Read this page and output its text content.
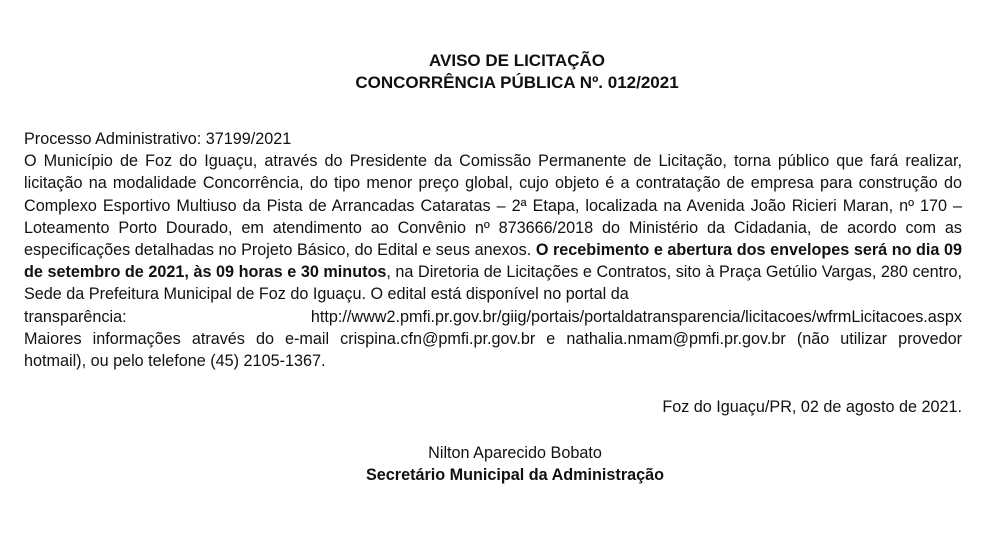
AVISO DE LICITAÇÃO
CONCORRÊNCIA PÚBLICA Nº. 012/2021

Processo Administrativo: 37199/2021

O Município de Foz do Iguaçu, através do Presidente da Comissão Permanente de Licitação, torna público que fará realizar, licitação na modalidade Concorrência, do tipo menor preço global, cujo objeto é a contratação de empresa para construção do Complexo Esportivo Multiuso da Pista de Arrancadas Cataratas – 2ª Etapa, localizada na Avenida João Ricieri Maran, nº 170 – Loteamento Porto Dourado, em atendimento ao Convênio nº 873666/2018 do Ministério da Cidadania, de acordo com as especificações detalhadas no Projeto Básico, do Edital e seus anexos. O recebimento e abertura dos envelopes será no dia 09 de setembro de 2021, às 09 horas e 30 minutos, na Diretoria de Licitações e Contratos, sito à Praça Getúlio Vargas, 280 centro, Sede da Prefeitura Municipal de Foz do Iguaçu. O edital está disponível no portal da

transparência:	http://www2.pmfi.pr.gov.br/giig/portais/portaldatransparencia/licitacoes/wfrmLicitacoes.aspx

Maiores informações através do e-mail crispina.cfn@pmfi.pr.gov.br e nathalia.nmam@pmfi.pr.gov.br (não utilizar provedor hotmail), ou pelo telefone (45) 2105-1367.

Foz do Iguaçu/PR, 02 de agosto de 2021.
Nilton Aparecido Bobato
Secretário Municipal da Administração
